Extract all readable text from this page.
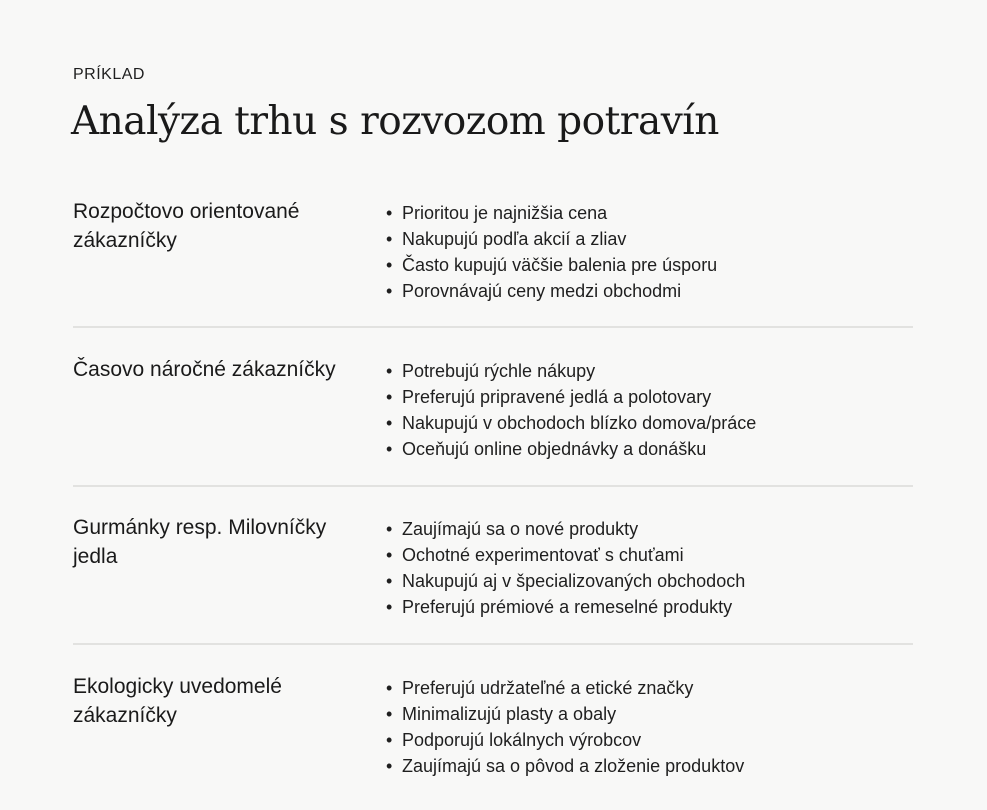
PRÍKLAD
Analýza trhu s rozvozom potravín
Rozpočtovo orientované zákazníčky
• Prioritou je najnižšia cena
• Nakupujú podľa akcií a zliav
• Často kupujú väčšie balenia pre úsporu
• Porovnávajú ceny medzi obchodmi
Časovo náročné zákazníčky	• Potrebujú rýchle nákupy
• Preferujú pripravené jedlá a polotovary
• Nakupujú v obchodoch blízko domova/práce
• Oceňujú online objednávky a donášku
Gurmánky resp. Milovníčky jedla
• Zaujímajú sa o nové produkty
• Ochotné experimentovať s chuťami
• Nakupujú aj v špecializovaných obchodoch
• Preferujú prémiové a remeselné produkty
Ekologicky uvedomelé zákazníčky
• Preferujú udržateľné a etické značky
• Minimalizujú plasty a obaly
• Podporujú lokálnych výrobcov
• Zaujímajú sa o pôvod a zloženie produktov
